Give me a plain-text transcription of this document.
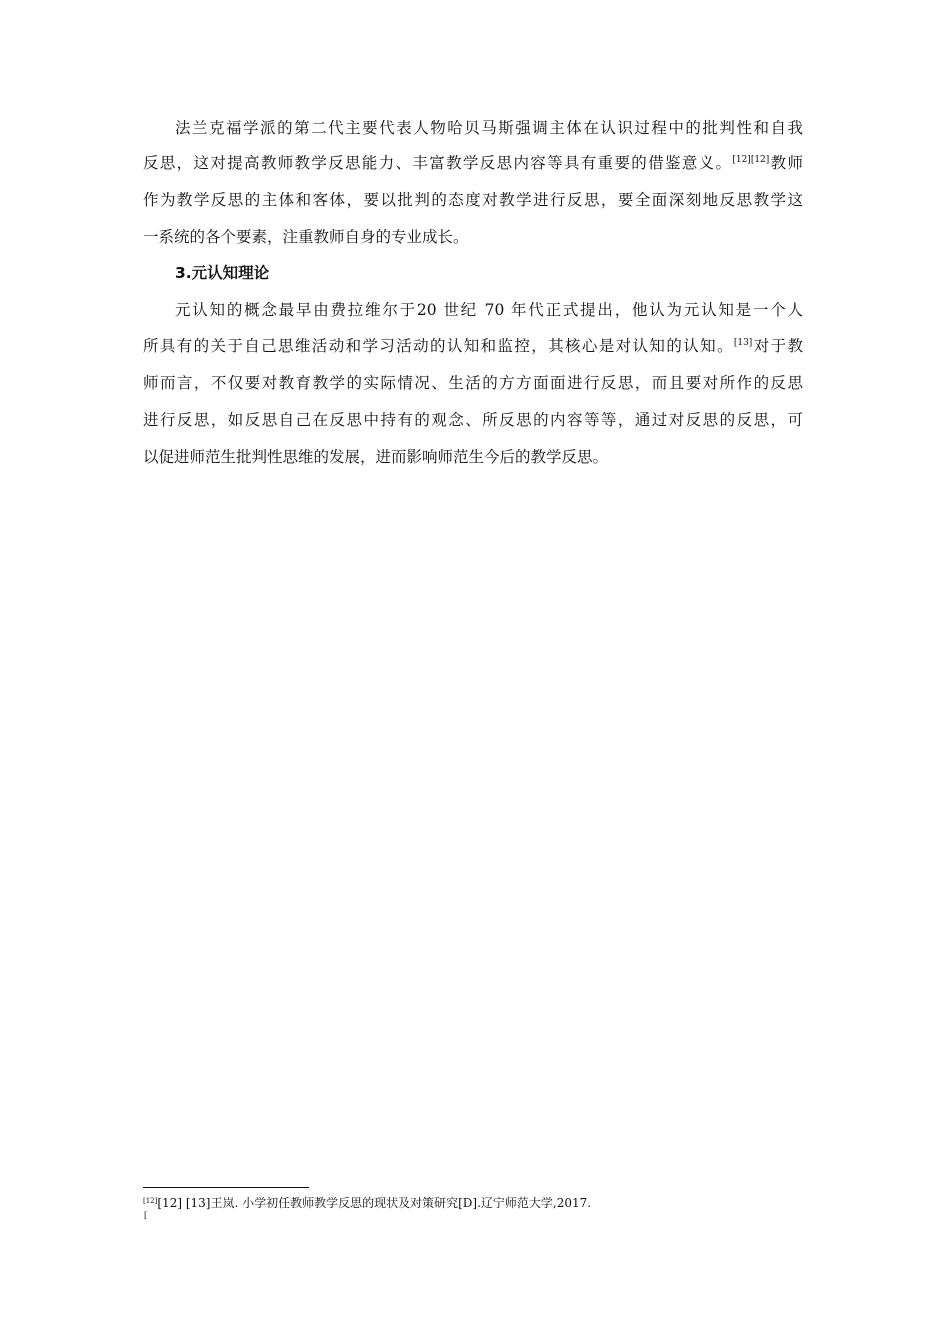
法兰克福学派的第二代主要代表人物哈贝马斯强调主体在认识过程中的批判性和自我
反思，这对提高教师教学反思能力、丰富教学反思内容等具有重要的借鉴意义。[12][12]教师
作为教学反思的主体和客体，要以批判的态度对教学进行反思，要全面深刻地反思教学这
一系统的各个要素，注重教师自身的专业成长。
3.元认知理论
元认知的概念最早由费拉维尔于20 世纪 70 年代正式提出，他认为元认知是一个人
所具有的关于自己思维活动和学习活动的认知和监控，其核心是对认知的认知。[13]对于教
师而言，不仅要对教育教学的实际情况、生活的方方面面进行反思，而且要对所作的反思
进行反思，如反思自己在反思中持有的观念、所反思的内容等等，通过对反思的反思，可
以促进师范生批判性思维的发展，进而影响师范生今后的教学反思。
[12][12] [13]王岚. 小学初任教师教学反思的现状及对策研究[D].辽宁师范大学,2017.
[
